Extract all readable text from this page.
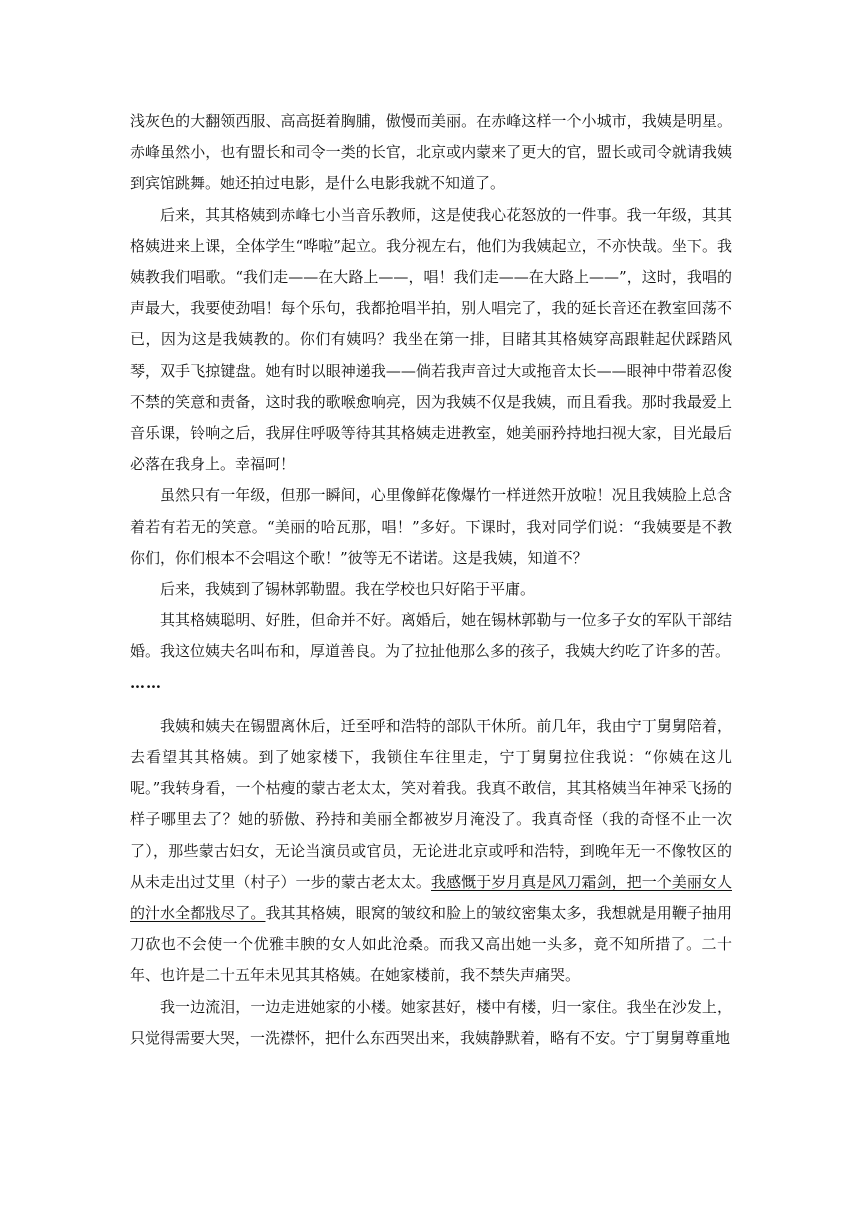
浅灰色的大翻领西服、高高挺着胸脯，傲慢而美丽。在赤峰这样一个小城市，我姨是明星。赤峰虽然小，也有盟长和司令一类的长官，北京或内蒙来了更大的官，盟长或司令就请我姨到宾馆跳舞。她还拍过电影，是什么电影我就不知道了。

后来，其其格姨到赤峰七小当音乐教师，这是使我心花怒放的一件事。我一年级，其其格姨进来上课，全体学生“哗啦”起立。我分视左右，他们为我姨起立，不亦快哉。坐下。我姨教我们唱歌。“我们走——在大路上——，唱！我们走——在大路上——”，这时，我唱的声最大，我要使劲唱！每个乐句，我都抢唱半拍，别人唱完了，我的延长音还在教室回荡不已，因为这是我姨教的。你们有姨吗？我坐在第一排，目睹其其格姨穿高跟鞋起伏踩踏风琴，双手飞掠键盘。她有时以眼神递我——倘若我声音过大或拖音太长——眼神中带着忍俊不禁的笑意和责备，这时我的歌喉愈响亮，因为我姨不仅是我姨，而且看我。那时我最爱上音乐课，铃响之后，我屏住呼吸等待其其格姨走进教室，她美丽矜持地扫视大家，目光最后必落在我身上。幸福呵！

虽然只有一年级，但那一瞬间，心里像鲜花像爆竹一样迸然开放啦！况且我姨脸上总含着若有若无的笑意。“美丽的哈瓦那，唱！”多好。下课时，我对同学们说：“我姨要是不教你们，你们根本不会唱这个歌！”彼等无不诺诺。这是我姨，知道不？

后来，我姨到了锡林郭勒盟。我在学校也只好陷于平庸。

其其格姨聪明、好胜，但命并不好。离婚后，她在锡林郭勒与一位多子女的军队干部结婚。我这位姨夫名叫布和，厚道善良。为了拉扯他那么多的孩子，我姨大约吃了许多的苦。

……

我姨和姨夫在锡盟离休后，迁至呼和浩特的部队干休所。前几年，我由宁丁舅舅陪着，去看望其其格姨。到了她家楼下，我锁住车往里走，宁丁舅舅拉住我说：“你姨在这儿呢。”我转身看，一个枯瘦的蒙古老太太，笑对着我。我真不敢信，其其格姨当年神采飞扬的样子哪里去了？她的骄傲、矜持和美丽全都被岁月淹没了。我真奇怪（我的奇怪不止一次了），那些蒙古妇女，无论当演员或官员，无论进北京或呼和浩特，到晚年无一不像牧区的从未走出过艾里（村子）一步的蒙古老太太。我感慨于岁月真是风刀霜剑，把一个美丽女人的汁水全都戕尽了。我其其格姨，眼窝的皱纹和脸上的皱纹密集太多，我想就是用鞭子抽用刀砍也不会使一个优雅丰腴的女人如此沧桑。而我又高出她一头多，竟不知所措了。二十年、也许是二十五年未见其其格姨。在她家楼前，我不禁失声痛哭。

我一边流泪，一边走进她家的小楼。她家甚好，楼中有楼，归一家住。我坐在沙发上，只觉得需要大哭，一洗襟怀，把什么东西哭出来，我姨静默着，略有不安。宁丁舅舅尊重地
